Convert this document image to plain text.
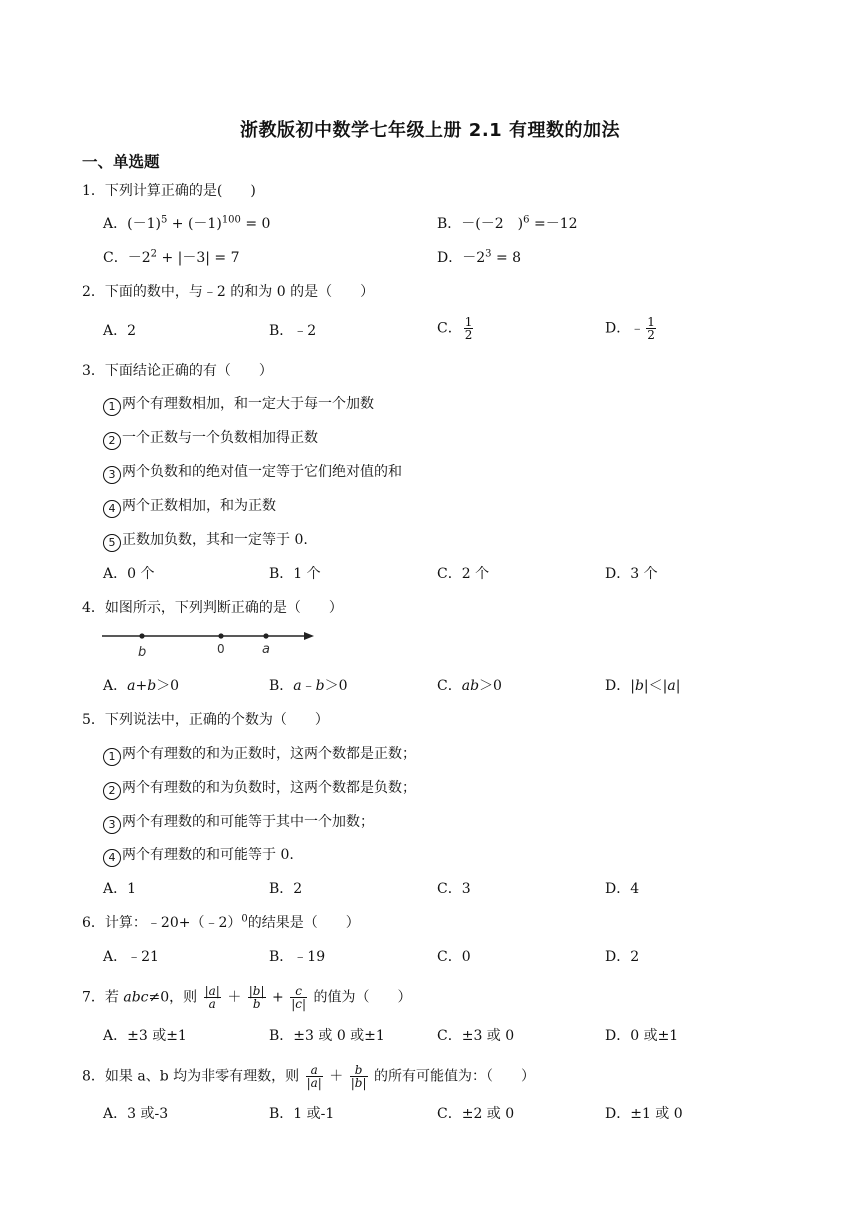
浙教版初中数学七年级上册 2.1 有理数的加法
一、单选题
1．下列计算正确的是(　　)
A．$(-1)^5 + (-1)^{100} = 0$	B．－(－2　)$^6$ =－12
C．$-2^2 + |-3| = 7$	D．$-2^3 = 8$
2．下面的数中，与﹣2 的和为 0 的是（　　）
A．2	B．﹣2	C． $\frac{1}{2}$	D．﹣ $\frac{1}{2}$
3．下面结论正确的有（　　）
1 两个有理数相加，和一定大于每一个加数
2 一个正数与一个负数相加得正数
3 两个负数和的绝对值一定等于它们绝对值的和
4 两个正数相加，和为正数
5 正数加负数，其和一定等于 0.
A．0 个	B．1 个	C．2 个	D．3 个
4．如图所示，下列判断正确的是（　　）
b	0	a
A．a+b＞0	B．a﹣b＞0	C．ab＞0	D．|b|＜|a|
5．下列说法中，正确的个数为（　　）
1 两个有理数的和为正数时，这两个数都是正数；
2 两个有理数的和为负数时，这两个数都是负数；
3 两个有理数的和可能等于其中一个加数；
4 两个有理数的和可能等于 0.
A．1	B．2	C．3	D．4
6．计算：﹣20+（﹣2）$^0$的结果是（　　）
A．﹣21	B．﹣19	C．0	D．2
7．若 abc≠0，则 $\frac{|a|}{a} + \frac{|b|}{b} + \frac{c}{|c|}$ 的值为（　　）
A．±3 或±1	B．±3 或 0 或±1	C．±3 或 0	D．0 或±1
8．如果 a、b 均为非零有理数，则 $\frac{a}{|a|} + \frac{b}{|b|}$ 的所有可能值为：（　　）
A．3 或-3	B．1 或-1	C．±2 或 0	D．±1 或 0
